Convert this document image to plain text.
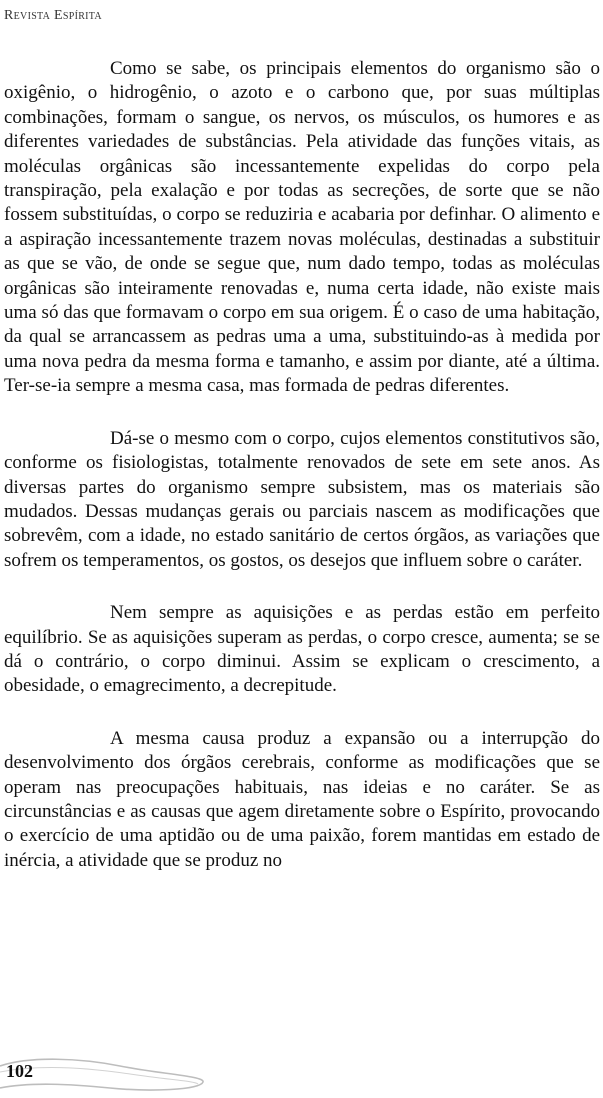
Revista Espírita

Como se sabe, os principais elementos do organismo são o oxigênio, o hidrogênio, o azoto e o carbono que, por suas múltiplas combinações, formam o sangue, os nervos, os músculos, os humores e as diferentes variedades de substâncias. Pela atividade das funções vitais, as moléculas orgânicas são incessantemente expelidas do corpo pela transpiração, pela exalação e por todas as secreções, de sorte que se não fossem substituídas, o corpo se reduziria e acabaria por definhar. O alimento e a aspiração incessantemente trazem novas moléculas, destinadas a substituir as que se vão, de onde se segue que, num dado tempo, todas as moléculas orgânicas são inteiramente renovadas e, numa certa idade, não existe mais uma só das que formavam o corpo em sua origem. É o caso de uma habitação, da qual se arrancassem as pedras uma a uma, substituindo-as à medida por uma nova pedra da mesma forma e tamanho, e assim por diante, até a última. Ter-se-ia sempre a mesma casa, mas formada de pedras diferentes.

Dá-se o mesmo com o corpo, cujos elementos constitutivos são, conforme os fisiologistas, totalmente renovados de sete em sete anos. As diversas partes do organismo sempre subsistem, mas os materiais são mudados. Dessas mudanças gerais ou parciais nascem as modificações que sobrevêm, com a idade, no estado sanitário de certos órgãos, as variações que sofrem os temperamentos, os gostos, os desejos que influem sobre o caráter.

Nem sempre as aquisições e as perdas estão em perfeito equilíbrio. Se as aquisições superam as perdas, o corpo cresce, aumenta; se se dá o contrário, o corpo diminui. Assim se explicam o crescimento, a obesidade, o emagrecimento, a decrepitude.

A mesma causa produz a expansão ou a interrupção do desenvolvimento dos órgãos cerebrais, conforme as modificações que se operam nas preocupações habituais, nas ideias e no caráter. Se as circunstâncias e as causas que agem diretamente sobre o Espírito, provocando o exercício de uma aptidão ou de uma paixão, forem mantidas em estado de inércia, a atividade que se produz no

102
